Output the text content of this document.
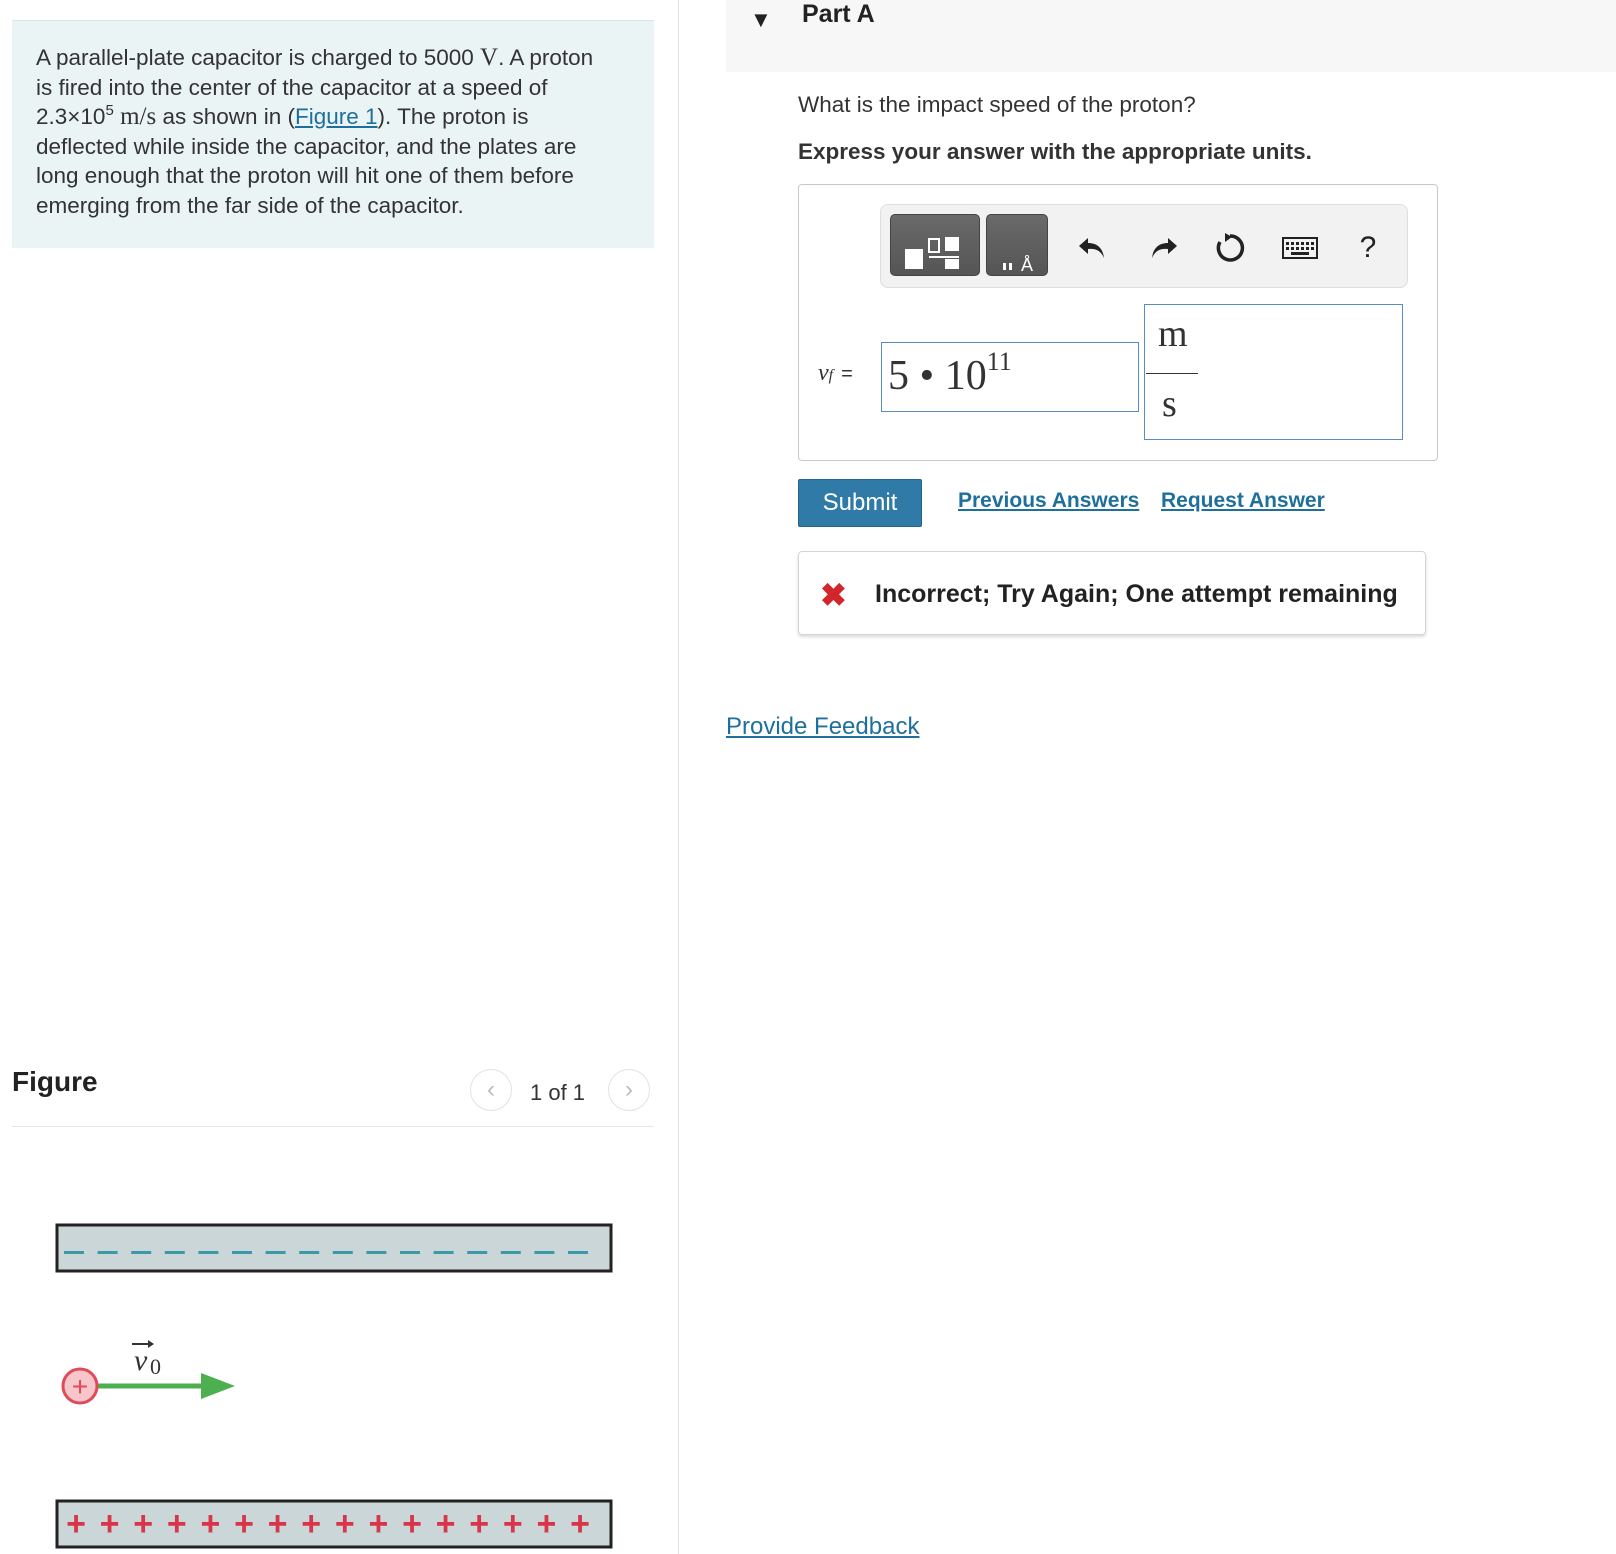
A parallel-plate capacitor is charged to 5000 V. A proton
is fired into the center of the capacitor at a speed of
$2.3\times 10^5$ m/s as shown in (Figure 1). The proton is
deflected while inside the capacitor, and the plates are
long enough that the proton will hit one of them before
emerging from the far side of the capacitor.
Figure	‹ 1 of 1 ›
+
v 0
+ + + + + + + + + + + + + + + +
▼ Part A
What is the impact speed of the proton?
Express your answer with the appropriate units.
Å
?
vf = 5 • $10^{11}$
m
s
Submit	Previous Answers Request Answer
✖ Incorrect; Try Again; One attempt remaining
Provide Feedback
